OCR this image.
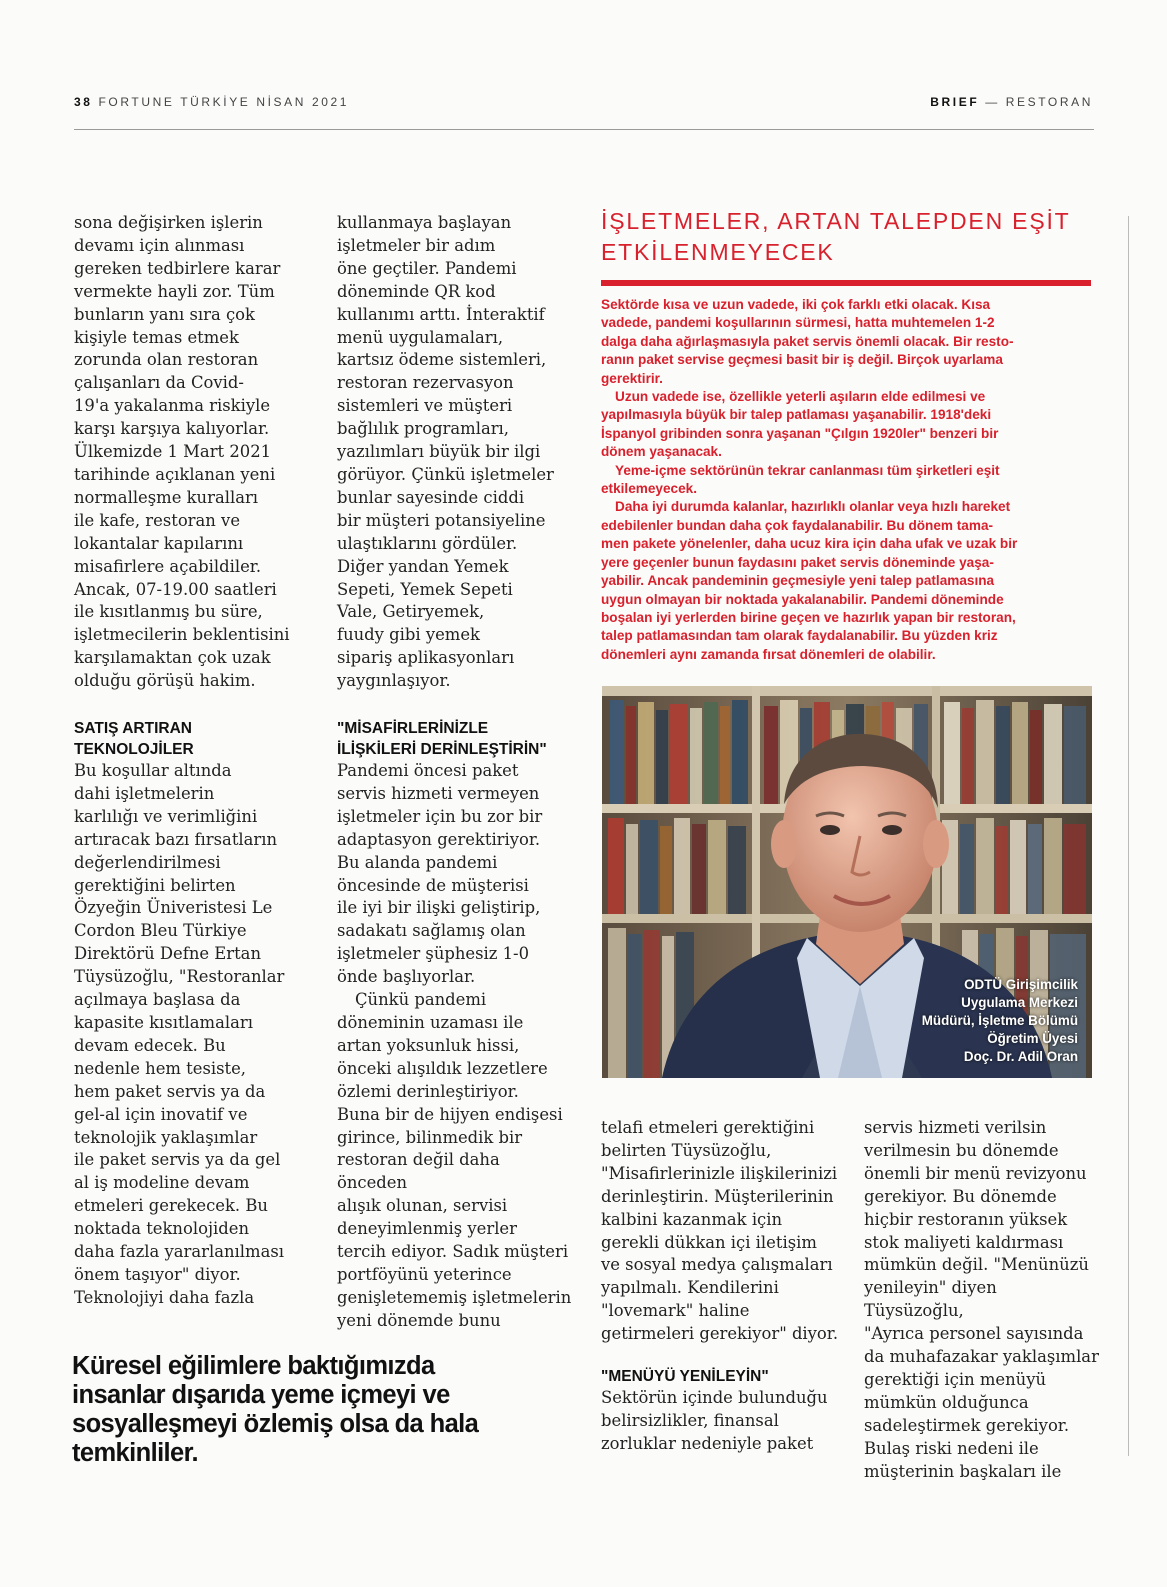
38 FORTUNE TÜRKİYE NİSAN 2021	BRIEF — RESTORAN

sona değişirken işlerin
devamı için alınması
gereken tedbirlere karar
vermekte hayli zor. Tüm
bunların yanı sıra çok
kişiyle temas etmek
zorunda olan restoran
çalışanları da Covid-
19'a yakalanma riskiyle
karşı karşıya kalıyorlar.
Ülkemizde 1 Mart 2021
tarihinde açıklanan yeni
normalleşme kuralları
ile kafe, restoran ve
lokantalar kapılarını
misafirlere açabildiler.
Ancak, 07-19.00 saatleri
ile kısıtlanmış bu süre,
işletmecilerin beklentisini
karşılamaktan çok uzak
olduğu görüşü hakim.

SATIŞ ARTIRAN
TEKNOLOJİLER

Bu koşullar altında
dahi işletmelerin
karlılığı ve verimliğini
artıracak bazı fırsatların
değerlendirilmesi
gerektiğini belirten
Özyeğin Üniveristesi Le
Cordon Bleu Türkiye
Direktörü Defne Ertan
Tüysüzoğlu, "Restoranlar
açılmaya başlasa da
kapasite kısıtlamaları
devam edecek. Bu
nedenle hem tesiste,
hem paket servis ya da
gel-al için inovatif ve
teknolojik yaklaşımlar
ile paket servis ya da gel
al iş modeline devam
etmeleri gerekecek. Bu
noktada teknolojiden
daha fazla yararlanılması
önem taşıyor" diyor.
Teknolojiyi daha fazla

kullanmaya başlayan
işletmeler bir adım
öne geçtiler. Pandemi
döneminde QR kod
kullanımı arttı. İnteraktif
menü uygulamaları,
kartsız ödeme sistemleri,
restoran rezervasyon
sistemleri ve müşteri
bağlılık programları,
yazılımları büyük bir ilgi
görüyor. Çünkü işletmeler
bunlar sayesinde ciddi
bir müşteri potansiyeline
ulaştıklarını gördüler.
Diğer yandan Yemek
Sepeti, Yemek Sepeti
Vale, Getiryemek,
fuudy gibi yemek
sipariş aplikasyonları
yaygınlaşıyor.

"MİSAFİRLERİNİZLE
İLİŞKİLERİ DERİNLEŞTİRİN"

Pandemi öncesi paket
servis hizmeti vermeyen
işletmeler için bu zor bir
adaptasyon gerektiriyor.
Bu alanda pandemi
öncesinde de müşterisi
ile iyi bir ilişki geliştirip,
sadakatı sağlamış olan
işletmeler şüphesiz 1-0
önde başlıyorlar.

Çünkü pandemi
döneminin uzaması ile
artan yoksunluk hissi,
önceki alışıldık lezzetlere
özlemi derinleştiriyor.
Buna bir de hijyen endişesi
girince, bilinmedik bir
restoran değil daha önceden
alışık olunan, servisi
deneyimlenmiş yerler
tercih ediyor. Sadık müşteri
portföyünü yeterince
genişletememiş işletmelerin
yeni dönemde bunu

İŞLETMELER, ARTAN TALEPDEN EŞİT
ETKİLENMEYECEK

Sektörde kısa ve uzun vadede, iki çok farklı etki olacak. Kısa
vadede, pandemi koşullarının sürmesi, hatta muhtemelen 1-2
dalga daha ağırlaşmasıyla paket servis önemli olacak. Bir resto-
ranın paket servise geçmesi basit bir iş değil. Birçok uyarlama
gerektirir.

Uzun vadede ise, özellikle yeterli aşıların elde edilmesi ve
yapılmasıyla büyük bir talep patlaması yaşanabilir. 1918'deki
İspanyol gribinden sonra yaşanan "Çılgın 1920ler" benzeri bir
dönem yaşanacak.

Yeme-içme sektörünün tekrar canlanması tüm şirketleri eşit
etkilemeyecek.

Daha iyi durumda kalanlar, hazırlıklı olanlar veya hızlı hareket
edebilenler bundan daha çok faydalanabilir. Bu dönem tama-
men pakete yönelenler, daha ucuz kira için daha ufak ve uzak bir
yere geçenler bunun faydasını paket servis döneminde yaşa-
yabilir. Ancak pandeminin geçmesiyle yeni talep patlamasına
uygun olmayan bir noktada yakalanabilir. Pandemi döneminde
boşalan iyi yerlerden birine geçen ve hazırlık yapan bir restoran,
talep patlamasından tam olarak faydalanabilir. Bu yüzden kriz
dönemleri aynı zamanda fırsat dönemleri de olabilir.

ODTÜ Girişimcilik
Uygulama Merkezi
Müdürü, İşletme Bölümü
Öğretim Üyesi
Doç. Dr. Adil Oran

telafi etmeleri gerektiğini
belirten Tüysüzoğlu,
"Misafirlerinizle ilişkilerinizi
derinleştirin. Müşterilerinin
kalbini kazanmak için
gerekli dükkan içi iletişim
ve sosyal medya çalışmaları
yapılmalı. Kendilerini
"lovemark" haline
getirmeleri gerekiyor" diyor.

"MENÜYÜ YENİLEYİN"

Sektörün içinde bulunduğu
belirsizlikler, finansal
zorluklar nedeniyle paket

servis hizmeti verilsin
verilmesin bu dönemde
önemli bir menü revizyonu
gerekiyor. Bu dönemde
hiçbir restoranın yüksek
stok maliyeti kaldırması
mümkün değil. "Menünüzü
yenileyin" diyen Tüysüzoğlu,
"Ayrıca personel sayısında
da muhafazakar yaklaşımlar
gerektiği için menüyü
mümkün olduğunca
sadeleştirmek gerekiyor.
Bulaş riski nedeni ile
müşterinin başkaları ile

Küresel eğilimlere baktığımızda
insanlar dışarıda yeme içmeyi ve
sosyalleşmeyi özlemiş olsa da hala
temkinliler.
